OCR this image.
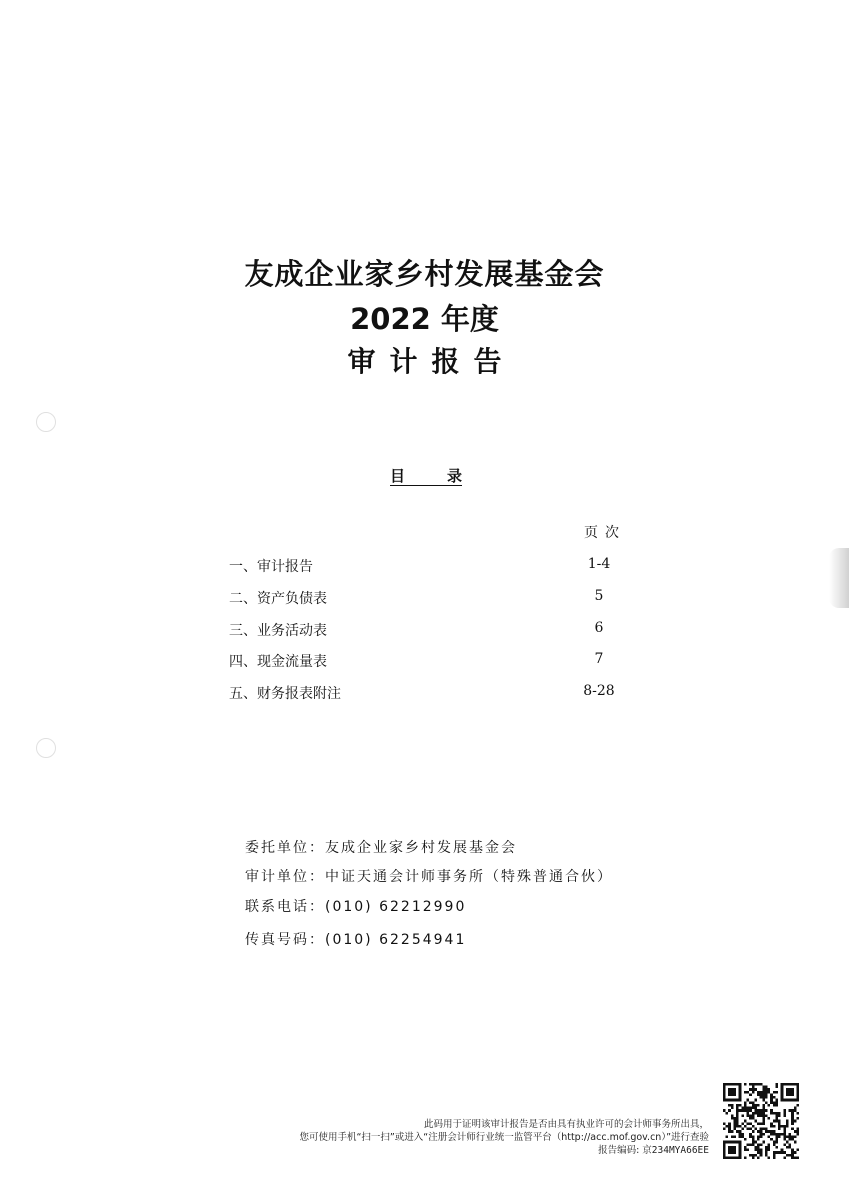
友成企业家乡村发展基金会
2022 年度
审计报告
目	录
页次
一、审计报告	1-4
二、资产负债表	5
三、业务活动表	6
四、现金流量表	7
五、财务报表附注	8-28
委托单位：友成企业家乡村发展基金会
审计单位：中证天通会计师事务所（特殊普通合伙）
联系电话：(010) 62212990
传真号码：(010) 62254941
此码用于证明该审计报告是否由具有执业许可的会计师事务所出具，
您可使用手机“扫一扫”或进入“注册会计师行业统一监管平台（http://acc.mof.gov.cn）”进行查验
报告编码: 京234MYA66EE
